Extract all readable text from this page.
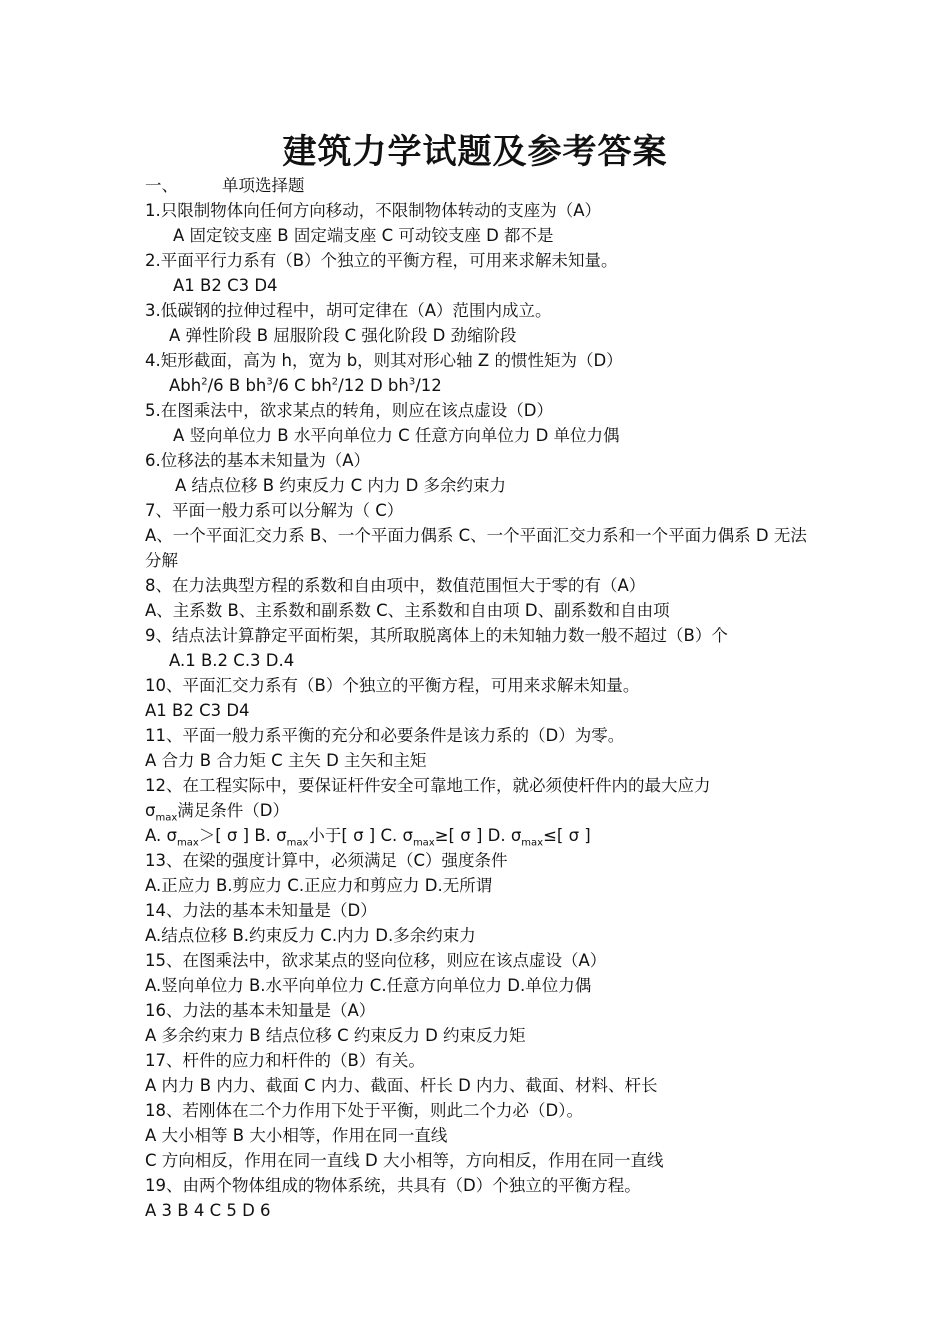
建筑力学试题及参考答案
一、	单项选择题
1.只限制物体向任何方向移动，不限制物体转动的支座为（A）
A 固定铰支座 B 固定端支座 C 可动铰支座 D 都不是
2.平面平行力系有（B）个独立的平衡方程，可用来求解未知量。
A1 B2 C3 D4
3.低碳钢的拉伸过程中，胡可定律在（A）范围内成立。
A 弹性阶段 B 屈服阶段 C 强化阶段 D 劲缩阶段
4.矩形截面，高为 h，宽为 b，则其对形心轴 Z 的惯性矩为（D）
Abh$^2$/6 B $bh^3/6$ C $bh^2/12$ D $bh^3/12$
5.在图乘法中，欲求某点的转角，则应在该点虚设（D）
A 竖向单位力 B 水平向单位力 C 任意方向单位力 D 单位力偶
6.位移法的基本未知量为（A）
A 结点位移 B 约束反力 C 内力 D 多余约束力
7、平面一般力系可以分解为（ C）
A、一个平面汇交力系 B、一个平面力偶系 C、一个平面汇交力系和一个平面力偶系 D 无法分解
8、在力法典型方程的系数和自由项中，数值范围恒大于零的有（A）
A、主系数 B、主系数和副系数 C、主系数和自由项 D、副系数和自由项
9、结点法计算静定平面桁架，其所取脱离体上的未知轴力数一般不超过（B）个
A.1 B.2 C.3 D.4
10、平面汇交力系有（B）个独立的平衡方程，可用来求解未知量。
A1 B2 C3 D4
11、平面一般力系平衡的充分和必要条件是该力系的（D）为零。
A 合力 B 合力矩 C 主矢 D 主矢和主矩
12、在工程实际中，要保证杆件安全可靠地工作，就必须使杆件内的最大应力
$\sigma_{max}$满足条件（D）
A. $\sigma_{max}>$[ σ ] B. $\sigma_{max}$小于[ σ ] C. $\sigma_{max}\ge$[ σ ] D. $\sigma_{max}\le$[ σ ]
13、在梁的强度计算中，必须满足（C）强度条件
A.正应力 B.剪应力 C.正应力和剪应力 D.无所谓
14、力法的基本未知量是（D）
A.结点位移 B.约束反力 C.内力 D.多余约束力
15、在图乘法中，欲求某点的竖向位移，则应在该点虚设（A）
A.竖向单位力 B.水平向单位力 C.任意方向单位力 D.单位力偶
16、力法的基本未知量是（A）
A 多余约束力 B 结点位移 C 约束反力 D 约束反力矩
17、杆件的应力和杆件的（B）有关。
A 内力 B 内力、截面 C 内力、截面、杆长 D 内力、截面、材料、杆长
18、若刚体在二个力作用下处于平衡，则此二个力必（D）。
A 大小相等 B 大小相等，作用在同一直线
C 方向相反，作用在同一直线 D 大小相等，方向相反，作用在同一直线
19、由两个物体组成的物体系统，共具有（D）个独立的平衡方程。
A 3 B 4 C 5 D 6
